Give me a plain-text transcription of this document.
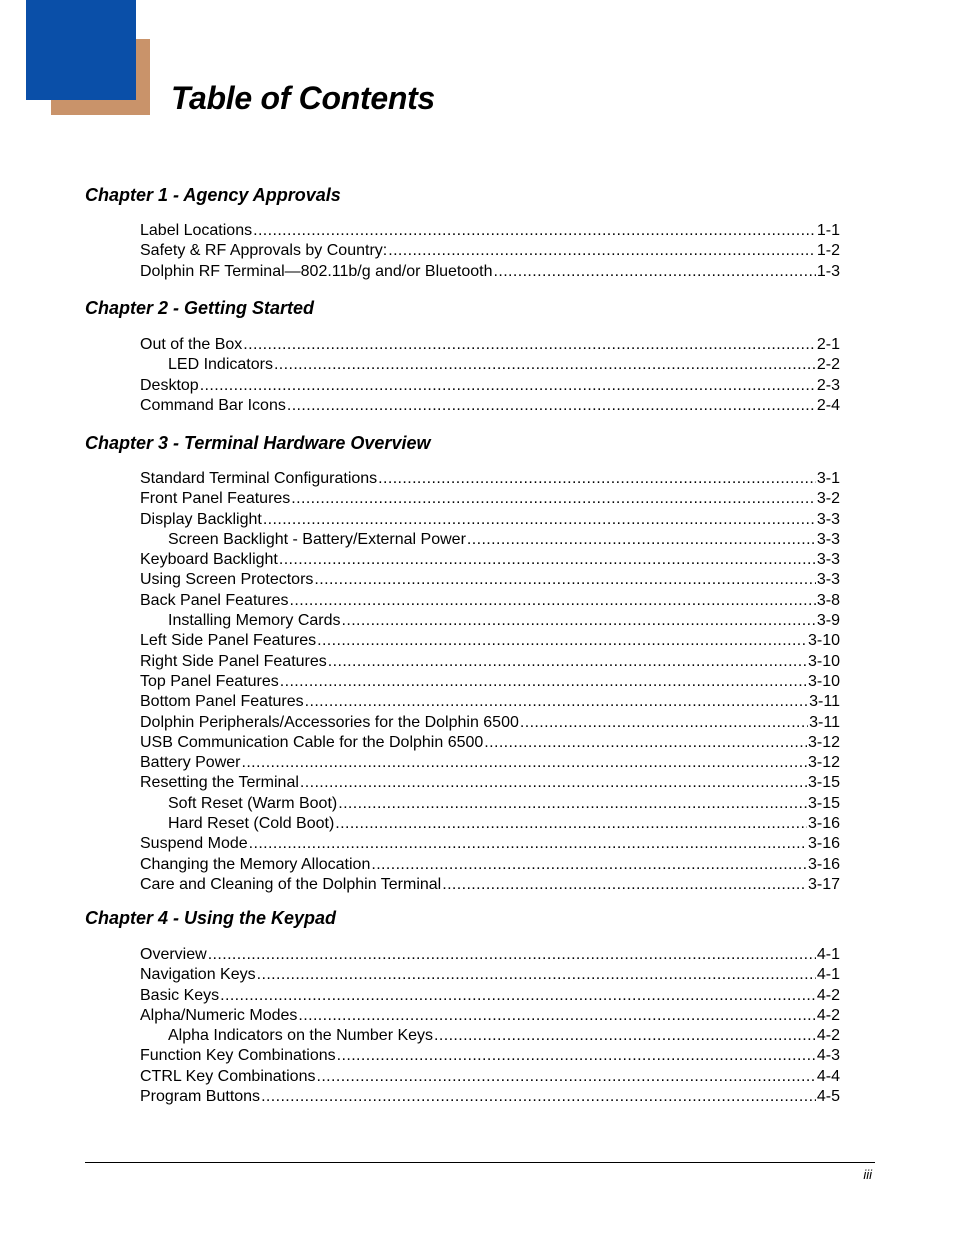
Table of Contents
Chapter 1 - Agency Approvals
Label Locations .....	1-1
Safety & RF Approvals by Country: .....	1-2
Dolphin RF Terminal—802.11b/g and/or Bluetooth .....	1-3
Chapter 2 - Getting Started
Out of the Box .....	2-1
LED Indicators .....	2-2
Desktop .....	2-3
Command Bar Icons .....	2-4
Chapter 3 - Terminal Hardware Overview
Standard Terminal Configurations .....	3-1
Front Panel Features .....	3-2
Display Backlight .....	3-3
Screen Backlight - Battery/External Power .....	3-3
Keyboard Backlight .....	3-3
Using Screen Protectors .....	3-3
Back Panel Features .....	3-8
Installing Memory Cards .....	3-9
Left Side Panel Features .....	3-10
Right Side Panel Features .....	3-10
Top Panel Features .....	3-10
Bottom Panel Features .....	3-11
Dolphin Peripherals/Accessories for the Dolphin 6500 .....	3-11
USB Communication Cable for the Dolphin 6500 .....	3-12
Battery Power .....	3-12
Resetting the Terminal .....	3-15
Soft Reset (Warm Boot) .....	3-15
Hard Reset (Cold Boot) .....	3-16
Suspend Mode .....	3-16
Changing the Memory Allocation .....	3-16
Care and Cleaning of the Dolphin Terminal .....	3-17
Chapter 4 - Using the Keypad
Overview .....	4-1
Navigation Keys .....	4-1
Basic Keys .....	4-2
Alpha/Numeric Modes .....	4-2
Alpha Indicators on the Number Keys .....	4-2
Function Key Combinations .....	4-3
CTRL Key Combinations .....	4-4
Program Buttons .....	4-5
iii
